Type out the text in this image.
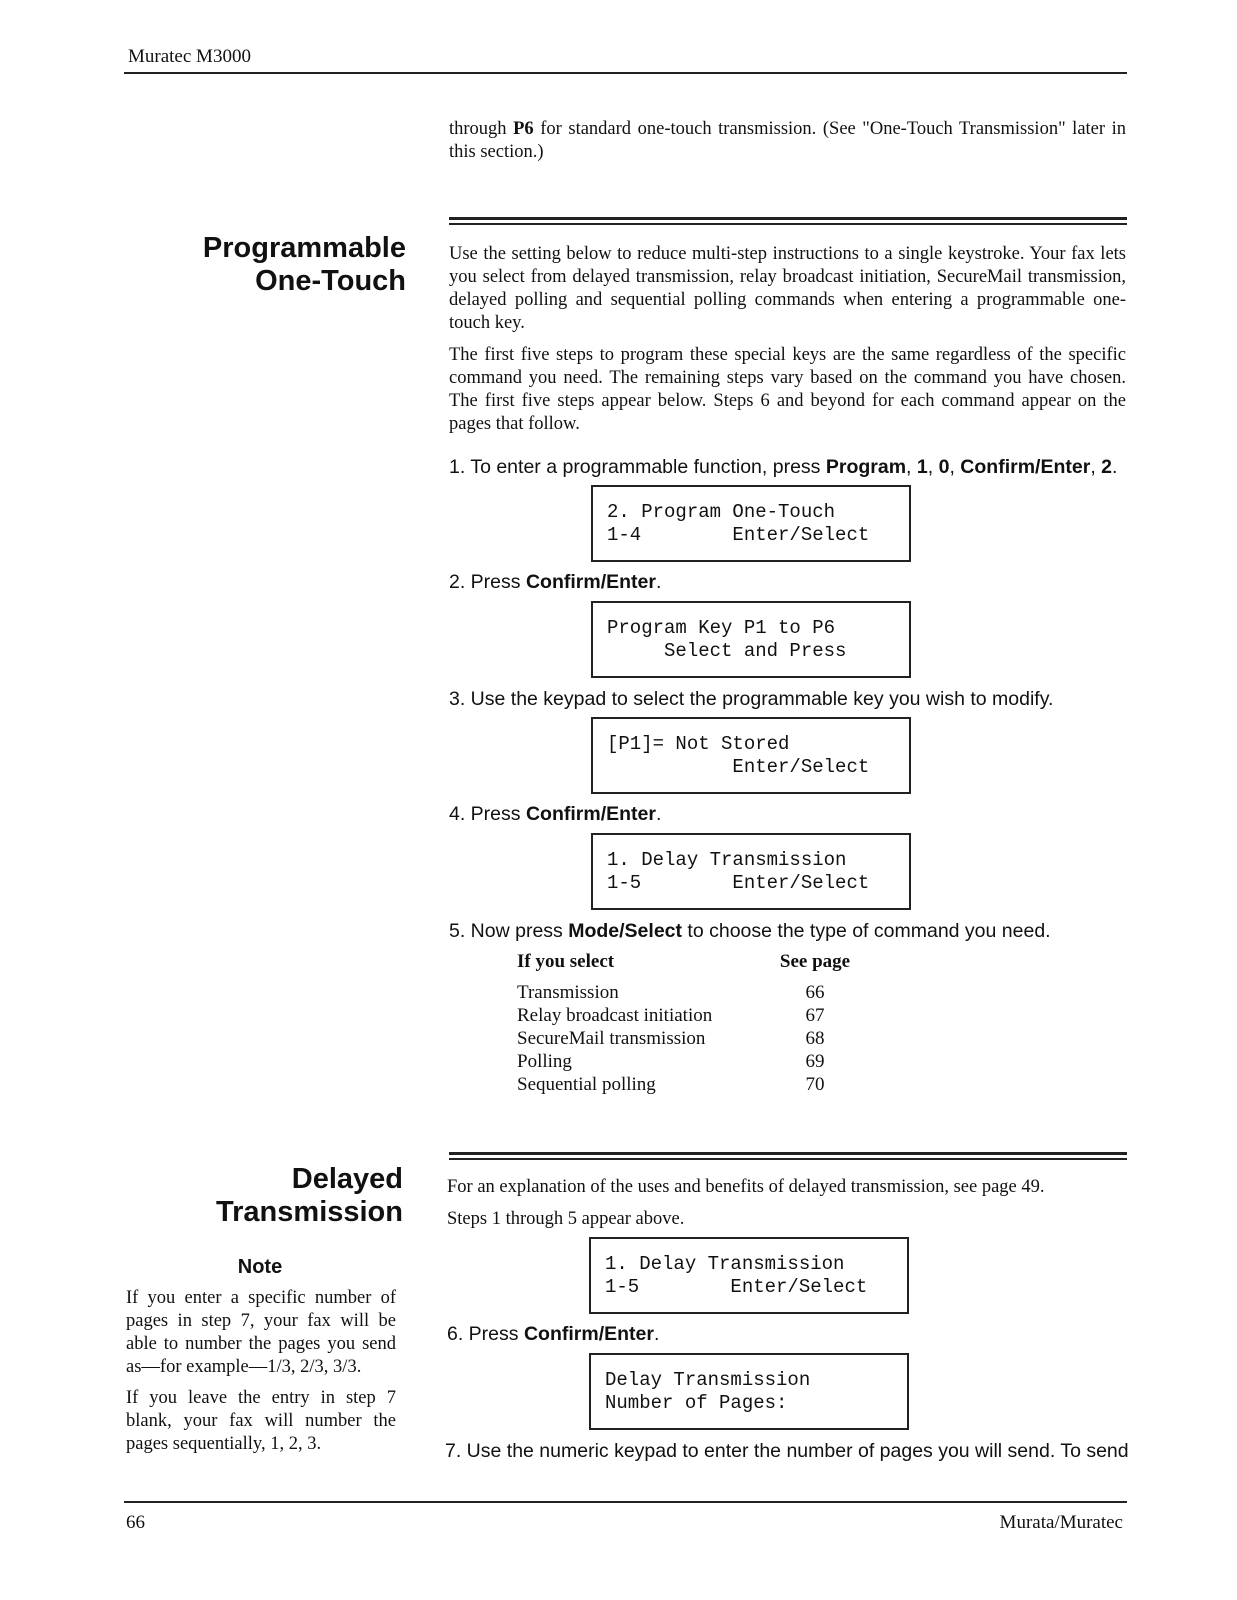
Muratec M3000
through P6 for standard one-touch transmission. (See "One-Touch Transmission" later in this section.)
Programmable
One-Touch

Use the setting below to reduce multi-step instructions to a single keystroke. Your fax lets you select from delayed transmission, relay broadcast initiation, SecureMail transmission, delayed polling and sequential polling commands when entering a programmable one-touch key.

The first five steps to program these special keys are the same regardless of the specific command you need. The remaining steps vary based on the command you have chosen. The first five steps appear below. Steps 6 and beyond for each command appear on the pages that follow.

1. To enter a programmable function, press Program, 1, 0, Confirm/Enter, 2.
2. Program One-Touch
1-4        Enter/Select
2. Press Confirm/Enter.
Program Key P1 to P6
Select and Press
3. Use the keypad to select the programmable key you wish to modify.
[P1]= Not Stored
Enter/Select
4. Press Confirm/Enter.
1. Delay Transmission
1-5        Enter/Select
5. Now press Mode/Select to choose the type of command you need.
If you select	See page
Transmission	66
Relay broadcast initiation	67
SecureMail transmission	68
Polling	69
Sequential polling	70
Delayed Transmission

For an explanation of the uses and benefits of delayed transmission, see page 49.

Steps 1 through 5 appear above.

1. Delay Transmission
1-5        Enter/Select
6. Press Confirm/Enter.
Delay Transmission
Number of Pages:
7. Use the numeric keypad to enter the number of pages you will send. To send
Note

If you enter a specific number of pages in step 7, your fax will be able to number the pages you send as—for example—1/3, 2/3, 3/3.

If you leave the entry in step 7 blank, your fax will number the pages sequentially, 1, 2, 3.

66	Murata/Muratec
